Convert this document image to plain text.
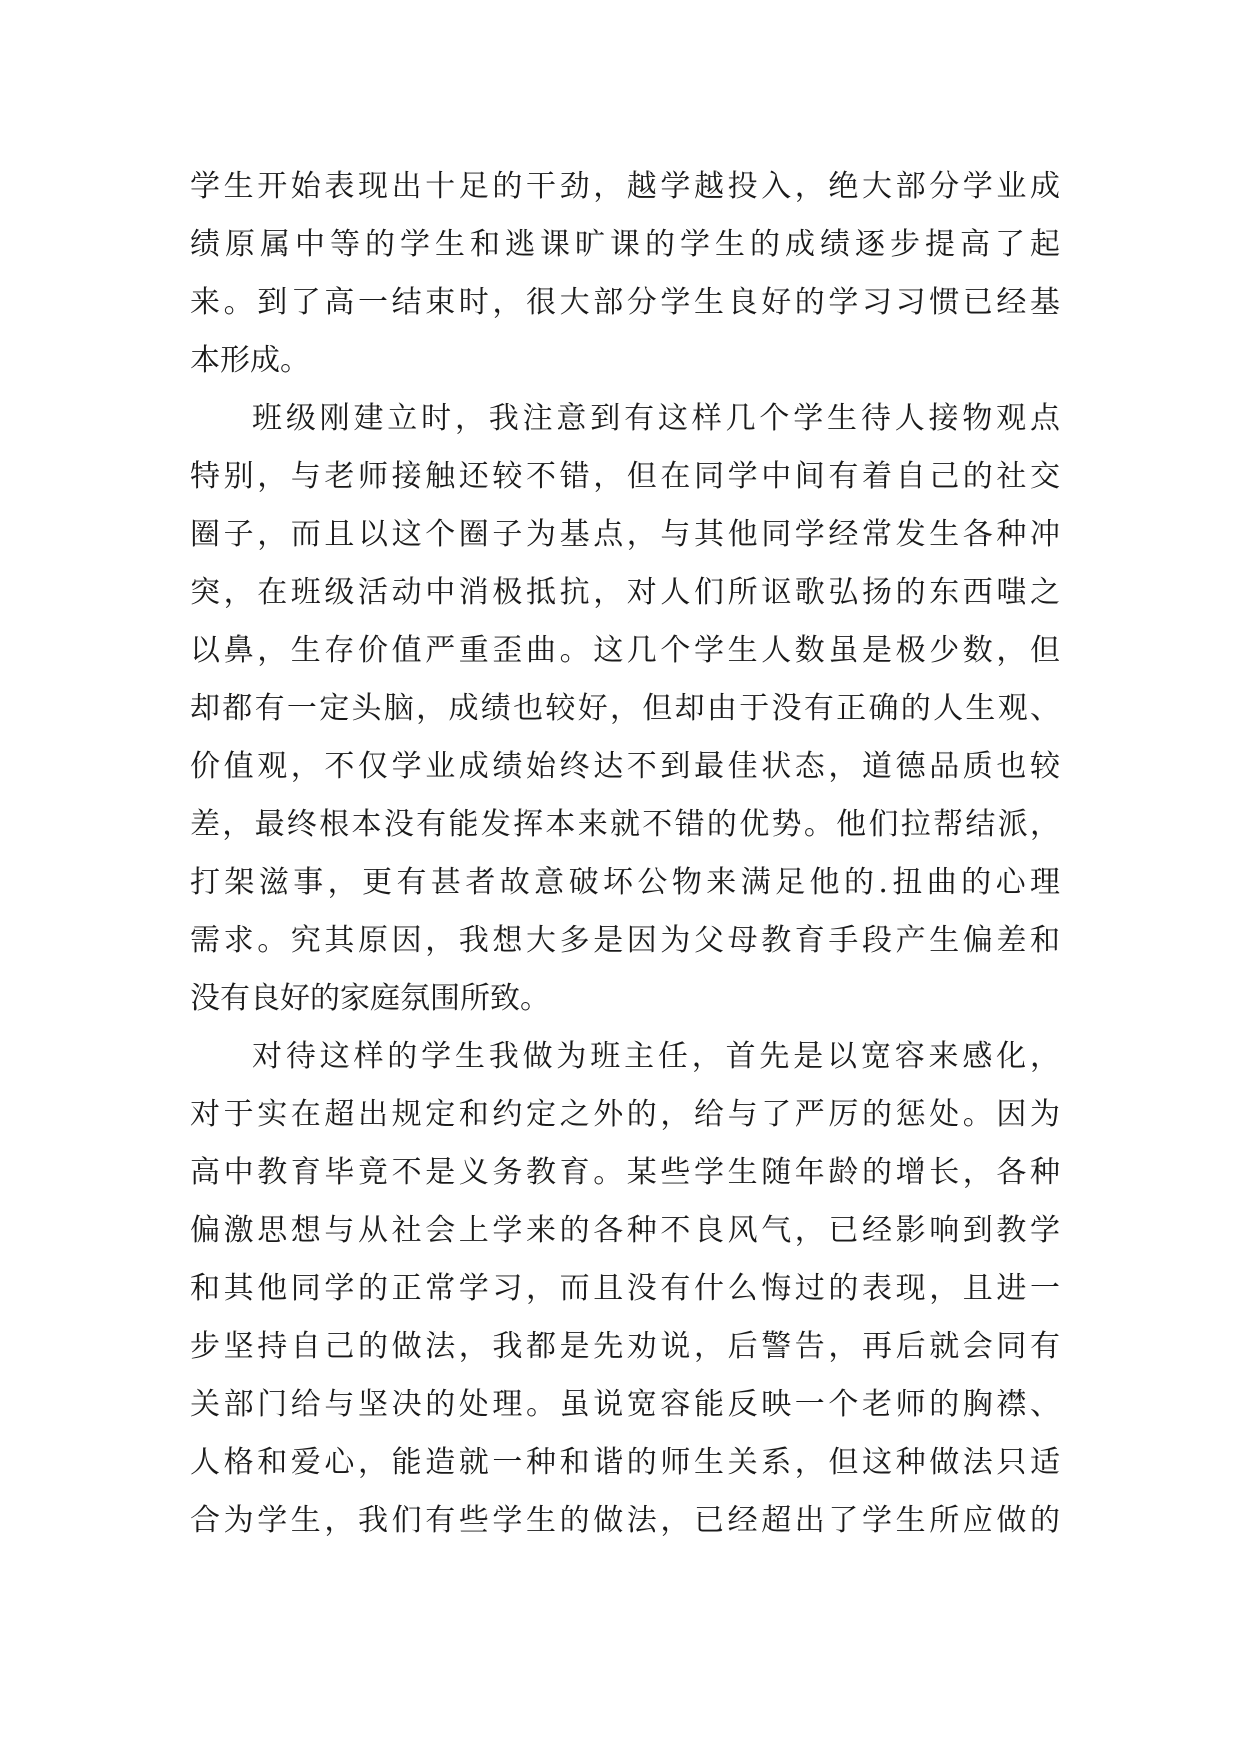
学生开始表现出十足的干劲，越学越投入，绝大部分学业成
绩原属中等的学生和逃课旷课的学生的成绩逐步提高了起
来。到了高一结束时，很大部分学生良好的学习习惯已经基
本形成。
班级刚建立时，我注意到有这样几个学生待人接物观点
特别，与老师接触还较不错，但在同学中间有着自己的社交
圈子，而且以这个圈子为基点，与其他同学经常发生各种冲
突，在班级活动中消极抵抗，对人们所讴歌弘扬的东西嗤之
以鼻，生存价值严重歪曲。这几个学生人数虽是极少数，但
却都有一定头脑，成绩也较好，但却由于没有正确的人生观、
价值观，不仅学业成绩始终达不到最佳状态，道德品质也较
差，最终根本没有能发挥本来就不错的优势。他们拉帮结派，
打架滋事，更有甚者故意破坏公物来满足他的.扭曲的心理
需求。究其原因，我想大多是因为父母教育手段产生偏差和
没有良好的家庭氛围所致。
对待这样的学生我做为班主任，首先是以宽容来感化，
对于实在超出规定和约定之外的，给与了严厉的惩处。因为
高中教育毕竟不是义务教育。某些学生随年龄的增长，各种
偏激思想与从社会上学来的各种不良风气，已经影响到教学
和其他同学的正常学习，而且没有什么悔过的表现，且进一
步坚持自己的做法，我都是先劝说，后警告，再后就会同有
关部门给与坚决的处理。虽说宽容能反映一个老师的胸襟、
人格和爱心，能造就一种和谐的师生关系，但这种做法只适
合为学生，我们有些学生的做法，已经超出了学生所应做的
